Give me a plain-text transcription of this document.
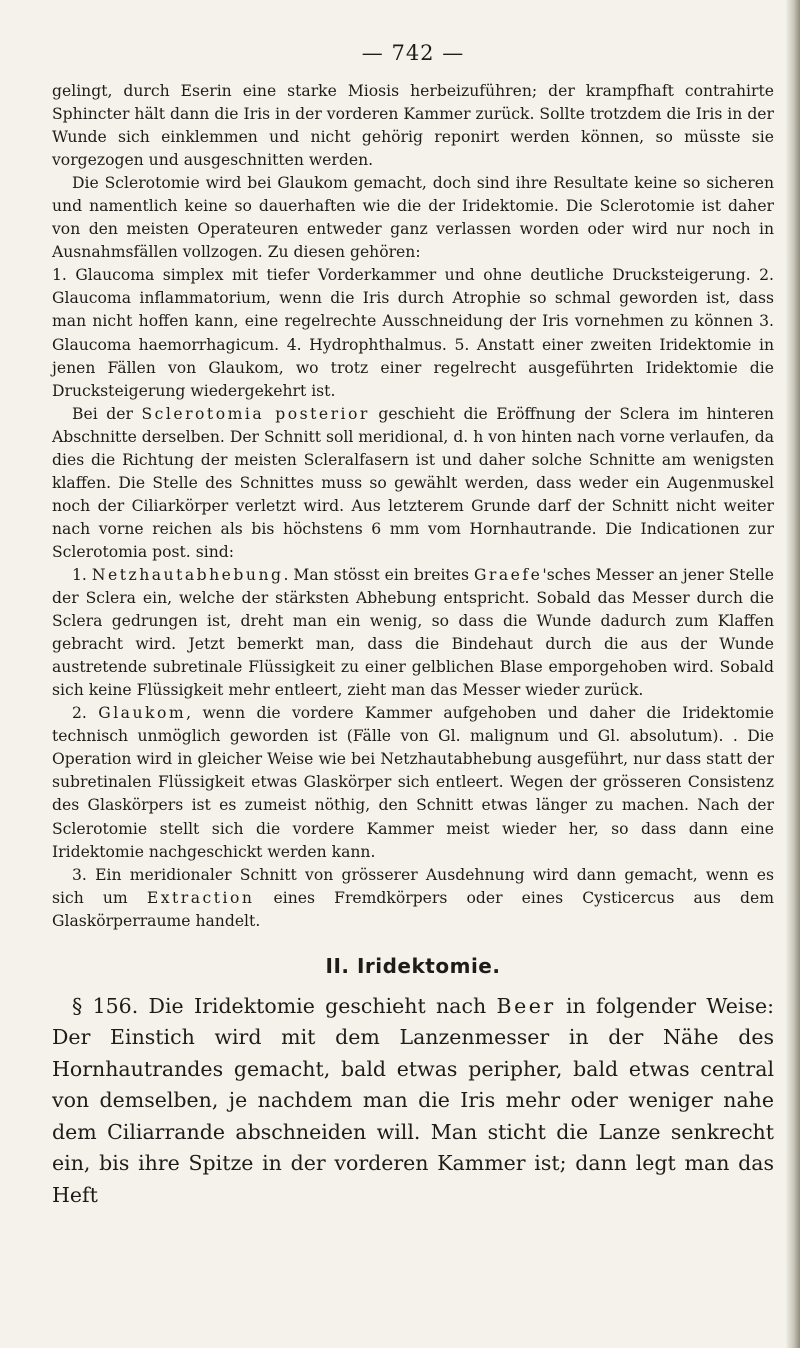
— 742 —

gelingt, durch Eserin eine starke Miosis herbeizuführen; der krampfhaft contrahirte Sphincter hält dann die Iris in der vorderen Kammer zurück. Sollte trotzdem die Iris in der Wunde sich einklemmen und nicht gehörig reponirt werden können, so müsste sie vorgezogen und ausgeschnitten werden.

Die Sclerotomie wird bei Glaukom gemacht, doch sind ihre Resultate keine so sicheren und namentlich keine so dauerhaften wie die der Iridektomie. Die Sclerotomie ist daher von den meisten Operateuren entweder ganz verlassen worden oder wird nur noch in Ausnahmsfällen vollzogen. Zu diesen gehören:

1. Glaucoma simplex mit tiefer Vorderkammer und ohne deutliche Drucksteigerung. 2. Glaucoma inflammatorium, wenn die Iris durch Atrophie so schmal geworden ist, dass man nicht hoffen kann, eine regelrechte Ausschneidung der Iris vornehmen zu können 3. Glaucoma haemorrhagicum. 4. Hydrophthalmus. 5. Anstatt einer zweiten Iridektomie in jenen Fällen von Glaukom, wo trotz einer regelrecht ausgeführten Iridektomie die Drucksteigerung wiedergekehrt ist.

Bei der Sclerotomia posterior geschieht die Eröffnung der Sclera im hinteren Abschnitte derselben. Der Schnitt soll meridional, d. h von hinten nach vorne verlaufen, da dies die Richtung der meisten Scleralfasern ist und daher solche Schnitte am wenigsten klaffen. Die Stelle des Schnittes muss so gewählt werden, dass weder ein Augenmuskel noch der Ciliarkörper verletzt wird. Aus letzterem Grunde darf der Schnitt nicht weiter nach vorne reichen als bis höchstens 6 mm vom Hornhautrande. Die Indicationen zur Sclerotomia post. sind:

1. Netzhautabhebung. Man stösst ein breites Graefe'sches Messer an jener Stelle der Sclera ein, welche der stärksten Abhebung entspricht. Sobald das Messer durch die Sclera gedrungen ist, dreht man ein wenig, so dass die Wunde dadurch zum Klaffen gebracht wird. Jetzt bemerkt man, dass die Bindehaut durch die aus der Wunde austretende subretinale Flüssigkeit zu einer gelblichen Blase emporgehoben wird. Sobald sich keine Flüssigkeit mehr entleert, zieht man das Messer wieder zurück.

2. Glaukom, wenn die vordere Kammer aufgehoben und daher die Iridektomie technisch unmöglich geworden ist (Fälle von Gl. malignum und Gl. absolutum). . Die Operation wird in gleicher Weise wie bei Netzhautabhebung ausgeführt, nur dass statt der subretinalen Flüssigkeit etwas Glaskörper sich entleert. Wegen der grösseren Consistenz des Glaskörpers ist es zumeist nöthig, den Schnitt etwas länger zu machen. Nach der Sclerotomie stellt sich die vordere Kammer meist wieder her, so dass dann eine Iridektomie nachgeschickt werden kann.

3. Ein meridionaler Schnitt von grösserer Ausdehnung wird dann gemacht, wenn es sich um Extraction eines Fremdkörpers oder eines Cysticercus aus dem Glaskörperraume handelt.

II. Iridektomie.

§ 156. Die Iridektomie geschieht nach Beer in folgender Weise: Der Einstich wird mit dem Lanzenmesser in der Nähe des Hornhautrandes gemacht, bald etwas peripher, bald etwas central von demselben, je nachdem man die Iris mehr oder weniger nahe dem Ciliarrande abschneiden will. Man sticht die Lanze senkrecht ein, bis ihre Spitze in der vorderen Kammer ist; dann legt man das Heft
